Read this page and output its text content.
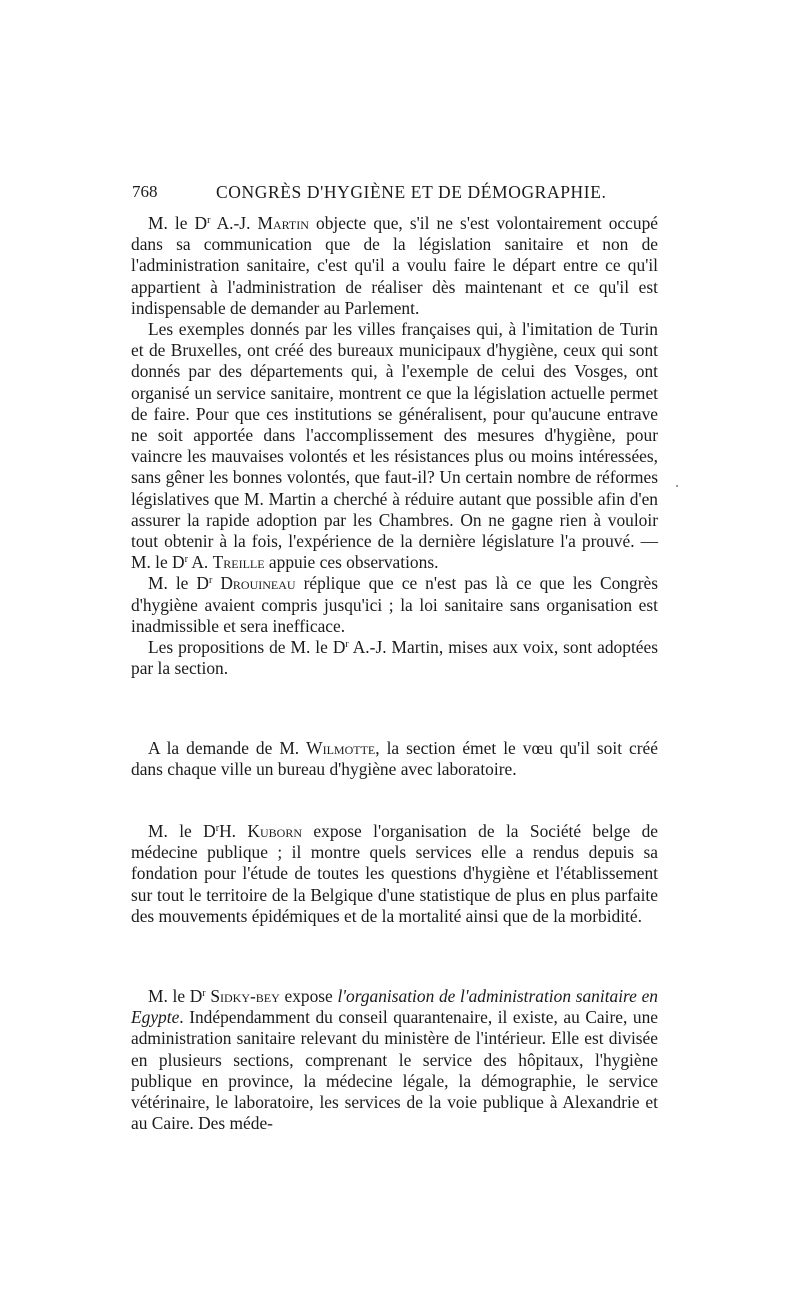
768	CONGRÈS D'HYGIÈNE ET DE DÉMOGRAPHIE.

M. le $D^r$ A.-J. Martin objecte que, s'il ne s'est volontairement occupé dans sa communication que de la législation sanitaire et non de l'administration sanitaire, c'est qu'il a voulu faire le départ entre ce qu'il appartient à l'administration de réaliser dès maintenant et ce qu'il est indispensable de demander au Parlement.

Les exemples donnés par les villes françaises qui, à l'imitation de Turin et de Bruxelles, ont créé des bureaux municipaux d'hygiène, ceux qui sont donnés par des départements qui, à l'exemple de celui des Vosges, ont organisé un service sanitaire, montrent ce que la législation actuelle permet de faire. Pour que ces institutions se généralisent, pour qu'aucune entrave ne soit apportée dans l'accomplissement des mesures d'hygiène, pour vaincre les mauvaises volontés et les résistances plus ou moins intéressées, sans gêner les bonnes volontés, que faut-il? Un certain nombre de réformes législatives que M. Martin a cherché à réduire autant que possible afin d'en assurer la rapide adoption par les Chambres. On ne gagne rien à vouloir tout obtenir à la fois, l'expérience de la dernière législature l'a prouvé. — M. le $D^r$ A. Treille appuie ces observations.

M. le $D^r$ Drouineau réplique que ce n'est pas là ce que les Congrès d'hygiène avaient compris jusqu'ici ; la loi sanitaire sans organisation est inadmissible et sera inefficace.

Les propositions de M. le $D^r$ A.-J. Martin, mises aux voix, sont adoptées par la section.

A la demande de M. Wilmotte, la section émet le vœu qu'il soit créé dans chaque ville un bureau d'hygiène avec laboratoire.

M. le $D^rH$. Kuborn expose l'organisation de la Société belge de médecine publique ; il montre quels services elle a rendus depuis sa fondation pour l'étude de toutes les questions d'hygiène et l'établissement sur tout le territoire de la Belgique d'une statistique de plus en plus parfaite des mouvements épidémiques et de la mortalité ainsi que de la morbidité.

M. le $D^r$ Sidky-bey expose l'organisation de l'administration sanitaire en Egypte. Indépendamment du conseil quarantenaire, il existe, au Caire, une administration sanitaire relevant du ministère de l'intérieur. Elle est divisée en plusieurs sections, comprenant le service des hôpitaux, l'hygiène publique en province, la médecine légale, la démographie, le service vétérinaire, le laboratoire, les services de la voie publique à Alexandrie et au Caire. Des méde-
